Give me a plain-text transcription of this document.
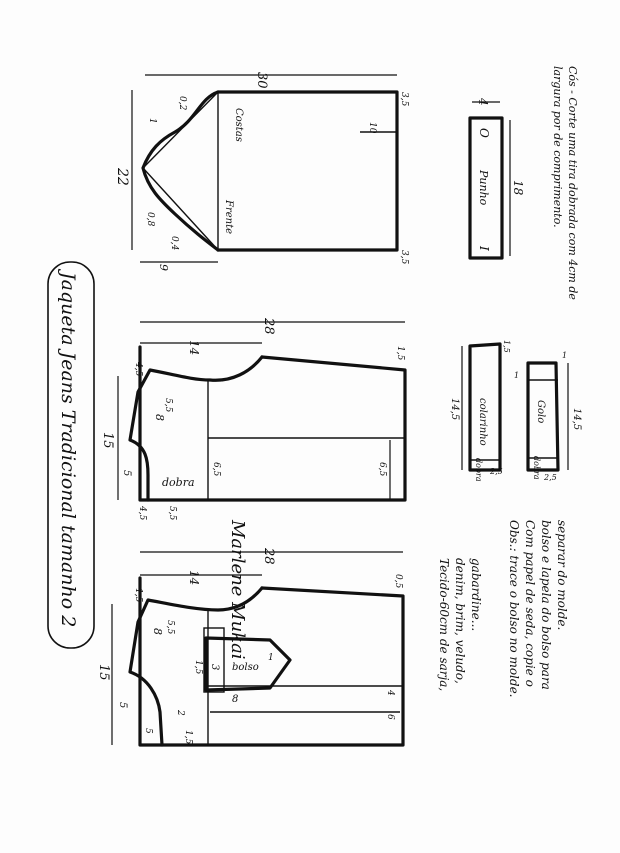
30
22
Costas
Frente
0,2
1
0,8
0,4
9
10
3,5
3,5
4
Punho 18
O
I	Cós - Corte uma tira dobrada com 4cm de largura por de comprimento.
Jaqueta Jeans Tradicional tamanho 2	28
14
15
8
5,5
4,5
5
dobra
6,5	6,5
4,5 5,5
1,5
Marlene Mukai 28
14
15
8 5,5
1,5
bolso
3
8
1
1,5
5
2
1,5
5
6
4
0,5
14,5 colarinho
dobra 2,5
1,5
1
14,5
Golo
dobra 2,5
1
Tecido-60cm de sarja, denim, brim, veludo, gabardine... Obs.: trace o bolso no molde. Com papel de seda, copie o bolso e lapela do bolso para separar do molde.
